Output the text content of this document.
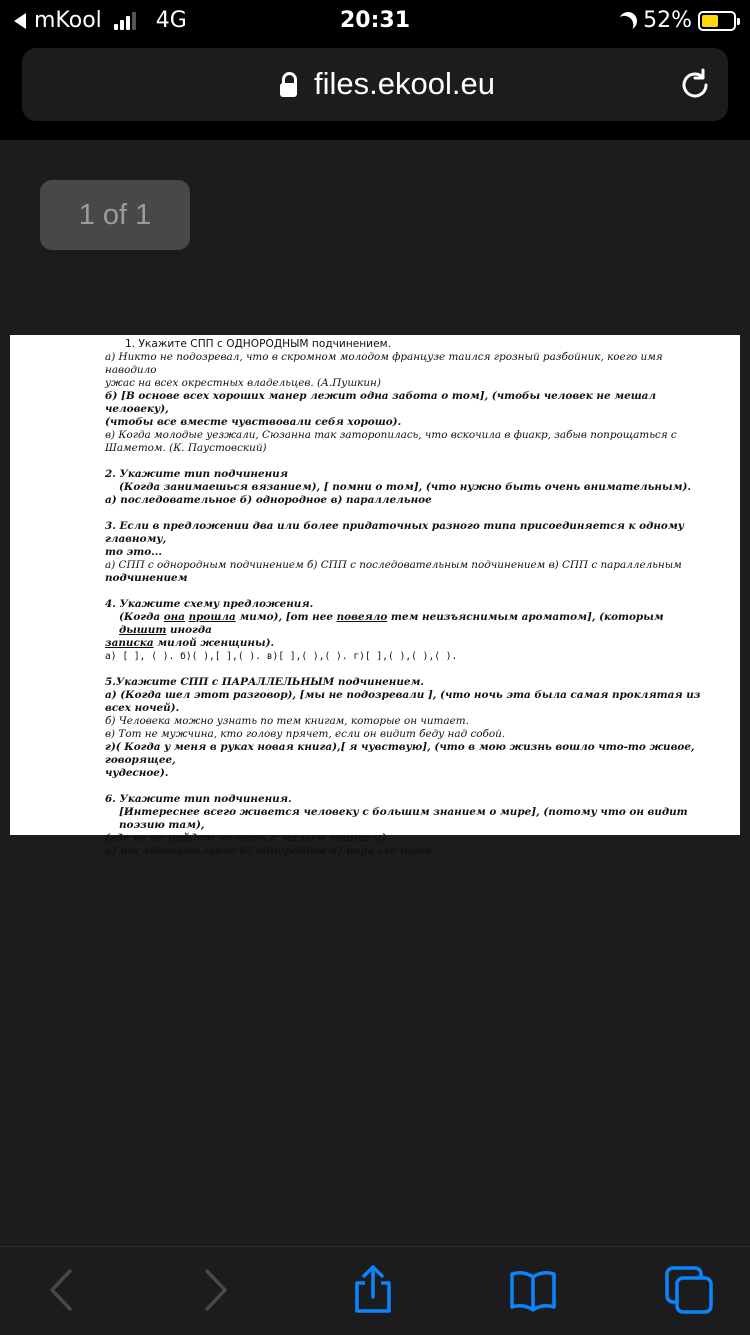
mKool 4G	20:31	52%
files.ekool.eu
1 of 1

1. Укажите СПП с ОДНОРОДНЫМ подчинением.

а) Никто не подозревал, что в скромном молодом французе таился грозный разбойник, коего имя наводило

ужас на всех окрестных владельцев. (А.Пушкин)

б) [В основе всех хороших манер лежит одна забота о том], (чтобы человек не мешал человеку),

(чтобы все вместе чувствовали себя хорошо).

в) Когда молодые уезжали, Сюзанна так заторопилась, что вскочила в фиакр, забыв попрощаться с

Шаметом. (К. Паустовский)

2. Укажите тип подчинения

(Когда занимаешься вязанием), [ помни о том], (что нужно быть очень внимательным).

а) последовательное б) однородное в) параллельное

3. Если в предложении два или более придаточных разного типа присоединяется к одному главному,

то это...

а) СПП с однородным подчинением б) СПП с последовательным подчинением в) СПП с параллельным

подчинением

4. Укажите схему предложения.

(Когда она прошла мимо), [от нее повеяло тем неизъяснимым ароматом], (которым дышит иногда

записка милой женщины).

а) [ ], ( ). б)( ),[ ],( ). в)[ ],( ),( ). г)[ ],( ),( ),( ).

5.Укажите СПП с ПАРАЛЛЕЛЬНЫМ подчинением.

а) (Когда шел этот разговор), [мы не подозревали ], (что ночь эта была самая проклятая из всех ночей).

б) Человека можно узнать по тем книгам, которые он читает.

в) Тот не мужчина, кто голову прячет, если он видит беду над собой.

г)( Когда у меня в руках новая книга),[ я чувствую], (что в мою жизнь вошло что-то живое, говорящее,

чудесное).

6. Укажите тип подчинения.

[Интереснее всего живется человеку с большим знанием о мире], (потому что он видит поэзию там),

(где ее не найдет человек с малым знанием).

а) последовательное б) однородное в) параллельное
